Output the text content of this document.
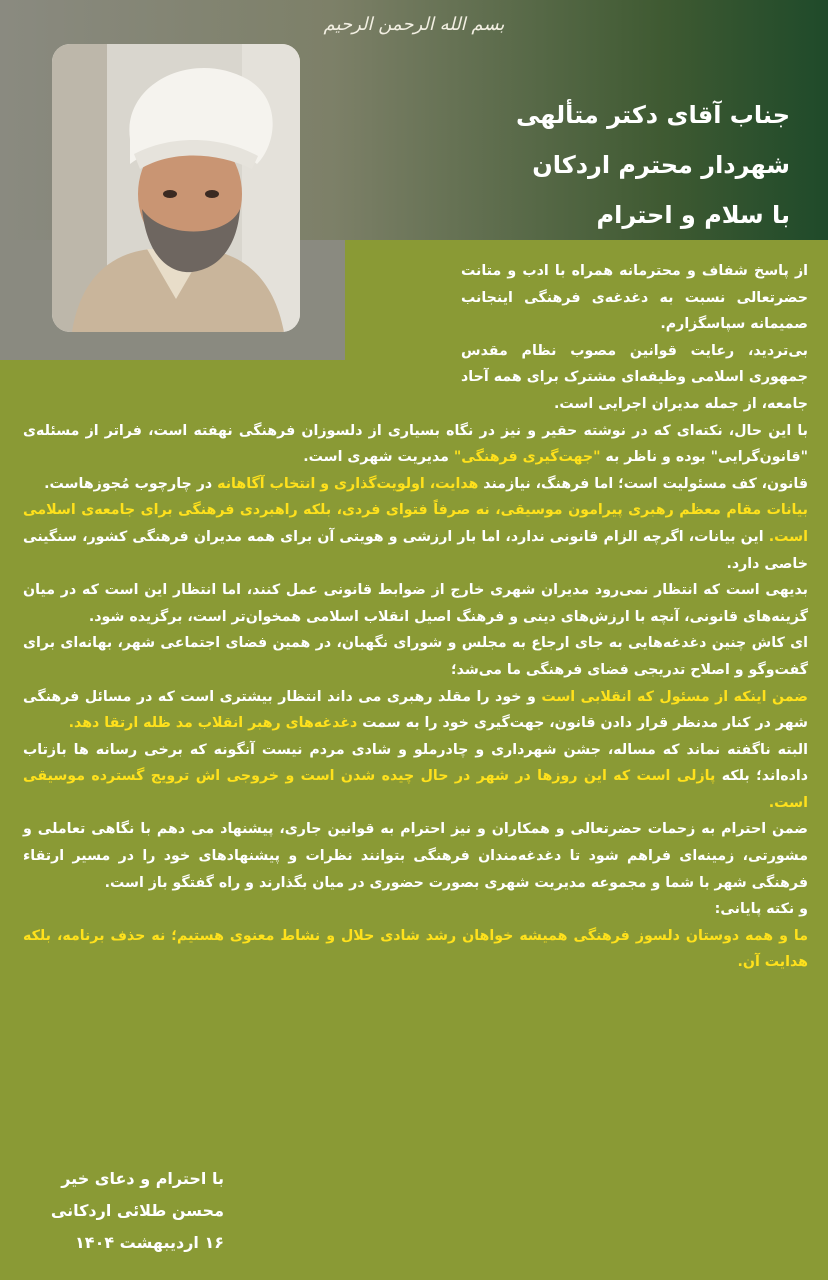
بسم الله الرحمن الرحیم
جناب آقای دکتر متألهی
شهردار محترم اردکان
با سلام و احترام

از پاسخ شفاف و محترمانه همراه با ادب و متانت حضرتعالی نسبت به دغدغه‌ی فرهنگی اینجانب صمیمانه سپاسگزارم.

بی‌تردید، رعایت قوانین مصوب نظام مقدس جمهوری اسلامی وظیفه‌ای مشترک برای همه آحاد جامعه، از جمله مدیران اجرایی است.

با این حال، نکته‌ای که در نوشته حقیر و نیز در نگاه بسیاری از دلسوزان فرهنگی نهفته است، فراتر از مسئله‌ی "قانون‌گرایی" بوده و ناظر به "جهت‌گیری فرهنگی" مدیریت شهری است.

قانون، کف مسئولیت است؛ اما فرهنگ، نیازمند هدایت، اولویت‌گذاری و انتخاب آگاهانه در چارچوب مُجوزهاست.

بیانات مقام معظم رهبری پیرامون موسیقی، نه صرفاً فتوای فردی، بلکه راهبردی فرهنگی برای جامعه‌ی اسلامی است. این بیانات، اگرچه الزام قانونی ندارد، اما بار ارزشی و هویتی آن برای همه مدیران فرهنگی کشور، سنگینی خاصی دارد.

بدیهی است که انتظار نمی‌رود مدیران شهری خارج از ضوابط قانونی عمل کنند، اما انتظار این است که در میان گزینه‌های قانونی، آنچه با ارزش‌های دینی و فرهنگ اصیل انقلاب اسلامی همخوان‌تر است، برگزیده شود.

ای کاش چنین دغدغه‌هایی به جای ارجاع به مجلس و شورای نگهبان، در همین فضای اجتماعی شهر، بهانه‌ای برای گفت‌وگو و اصلاح تدریجی فضای فرهنگی ما می‌شد؛

ضمن اینکه از مسئول که انقلابی است و خود را مقلد رهبری می داند انتظار بیشتری است که در مسائل فرهنگی شهر در کنار مدنظر قرار دادن قانون، جهت‌گیری خود را به سمت دغدغه‌های رهبر انقلاب مد ظله ارتقا دهد.

البته ناگفته نماند که مساله، جشن شهرداری و چادرملو و شادی مردم نیست آنگونه که برخی رسانه ها بازتاب داده‌اند؛ بلکه پازلی است که این روزها در شهر در حال چیده شدن است و خروجی اش ترویج گسترده موسیقی است.

ضمن احترام به زحمات حضرتعالی و همکاران و نیز احترام به قوانین جاری، پیشنهاد می دهم با نگاهی تعاملی و مشورتی، زمینه‌ای فراهم شود تا دغدغه‌مندان فرهنگی بتوانند نظرات و پیشنهادهای خود را در مسیر ارتقاء فرهنگی شهر با شما و مجموعه مدیریت شهری بصورت حضوری در میان بگذارند و راه گفتگو باز است.

و نکته پایانی:

ما و همه دوستان دلسوز فرهنگی همیشه خواهان رشد شادی حلال و نشاط معنوی هستیم؛ نه حذف برنامه، بلکه هدایت آن.

با احترام و دعای خیر
محسن طلائی اردکانی
۱۶ اردیبهشت ۱۴۰۴
